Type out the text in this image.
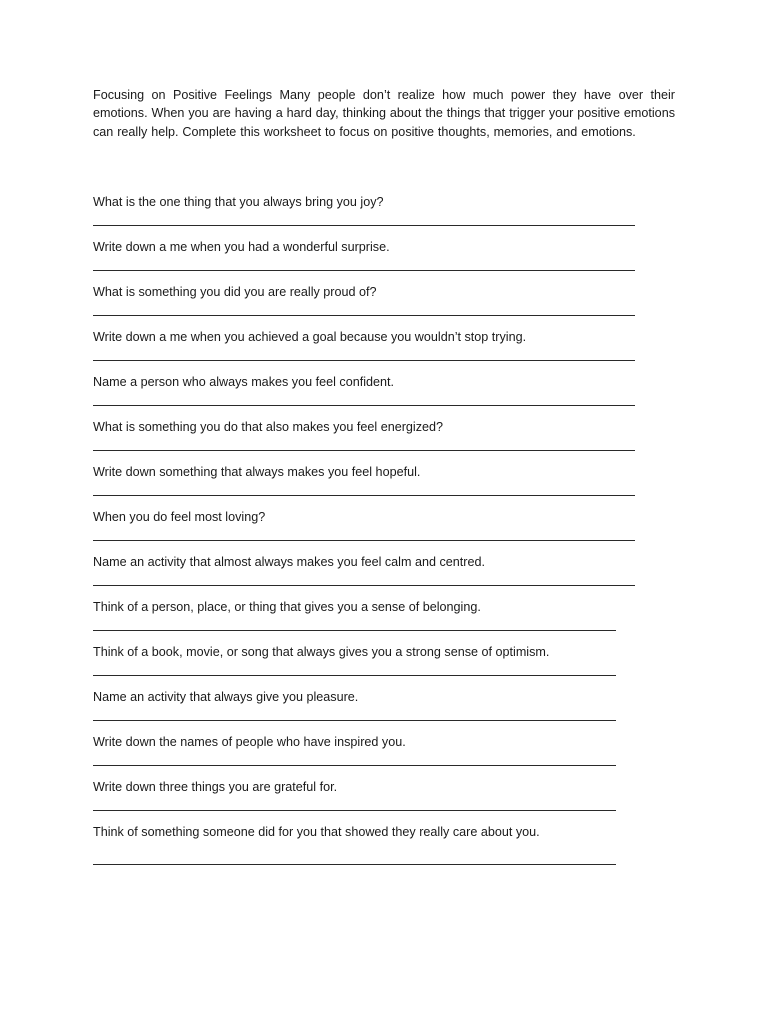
Focusing on Positive Feelings Many people don’t realize how much power they have over their emotions. When you are having a hard day, thinking about the things that trigger your positive emotions can really help. Complete this worksheet to focus on positive thoughts, memories, and emotions.

What is the one thing that you always bring you joy?
Write down a me when you had a wonderful surprise.
What is something you did you are really proud of?
Write down a me when you achieved a goal because you wouldn’t stop trying.
Name a person who always makes you feel confident.
What is something you do that also makes you feel energized?
Write down something that always makes you feel hopeful.
When you do feel most loving?
Name an activity that almost always makes you feel calm and centred.
Think of a person, place, or thing that gives you a sense of belonging.
Think of a book, movie, or song that always gives you a strong sense of optimism.
Name an activity that always give you pleasure.
Write down the names of people who have inspired you.
Write down three things you are grateful for.
Think of something someone did for you that showed they really care about you.
